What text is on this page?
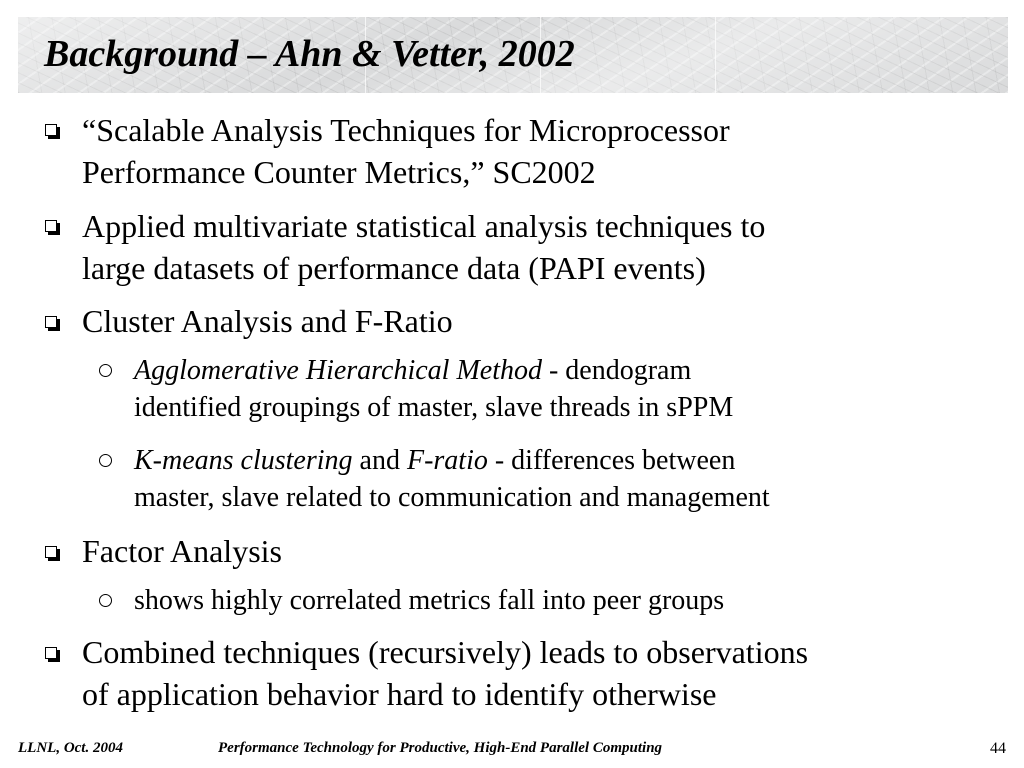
Background – Ahn & Vetter, 2002
“Scalable Analysis Techniques for Microprocessor
Performance Counter Metrics,” SC2002
Applied multivariate statistical analysis techniques to
large datasets of performance data (PAPI events)
Cluster Analysis and F-Ratio
Agglomerative Hierarchical Method - dendogram
identified groupings of master, slave threads in sPPM
K-means clustering and F-ratio - differences between
master, slave related to communication and management
Factor Analysis
shows highly correlated metrics fall into peer groups
Combined techniques (recursively) leads to observations
of application behavior hard to identify otherwise
LLNL, Oct. 2004	Performance Technology for Productive, High-End Parallel Computing	44
